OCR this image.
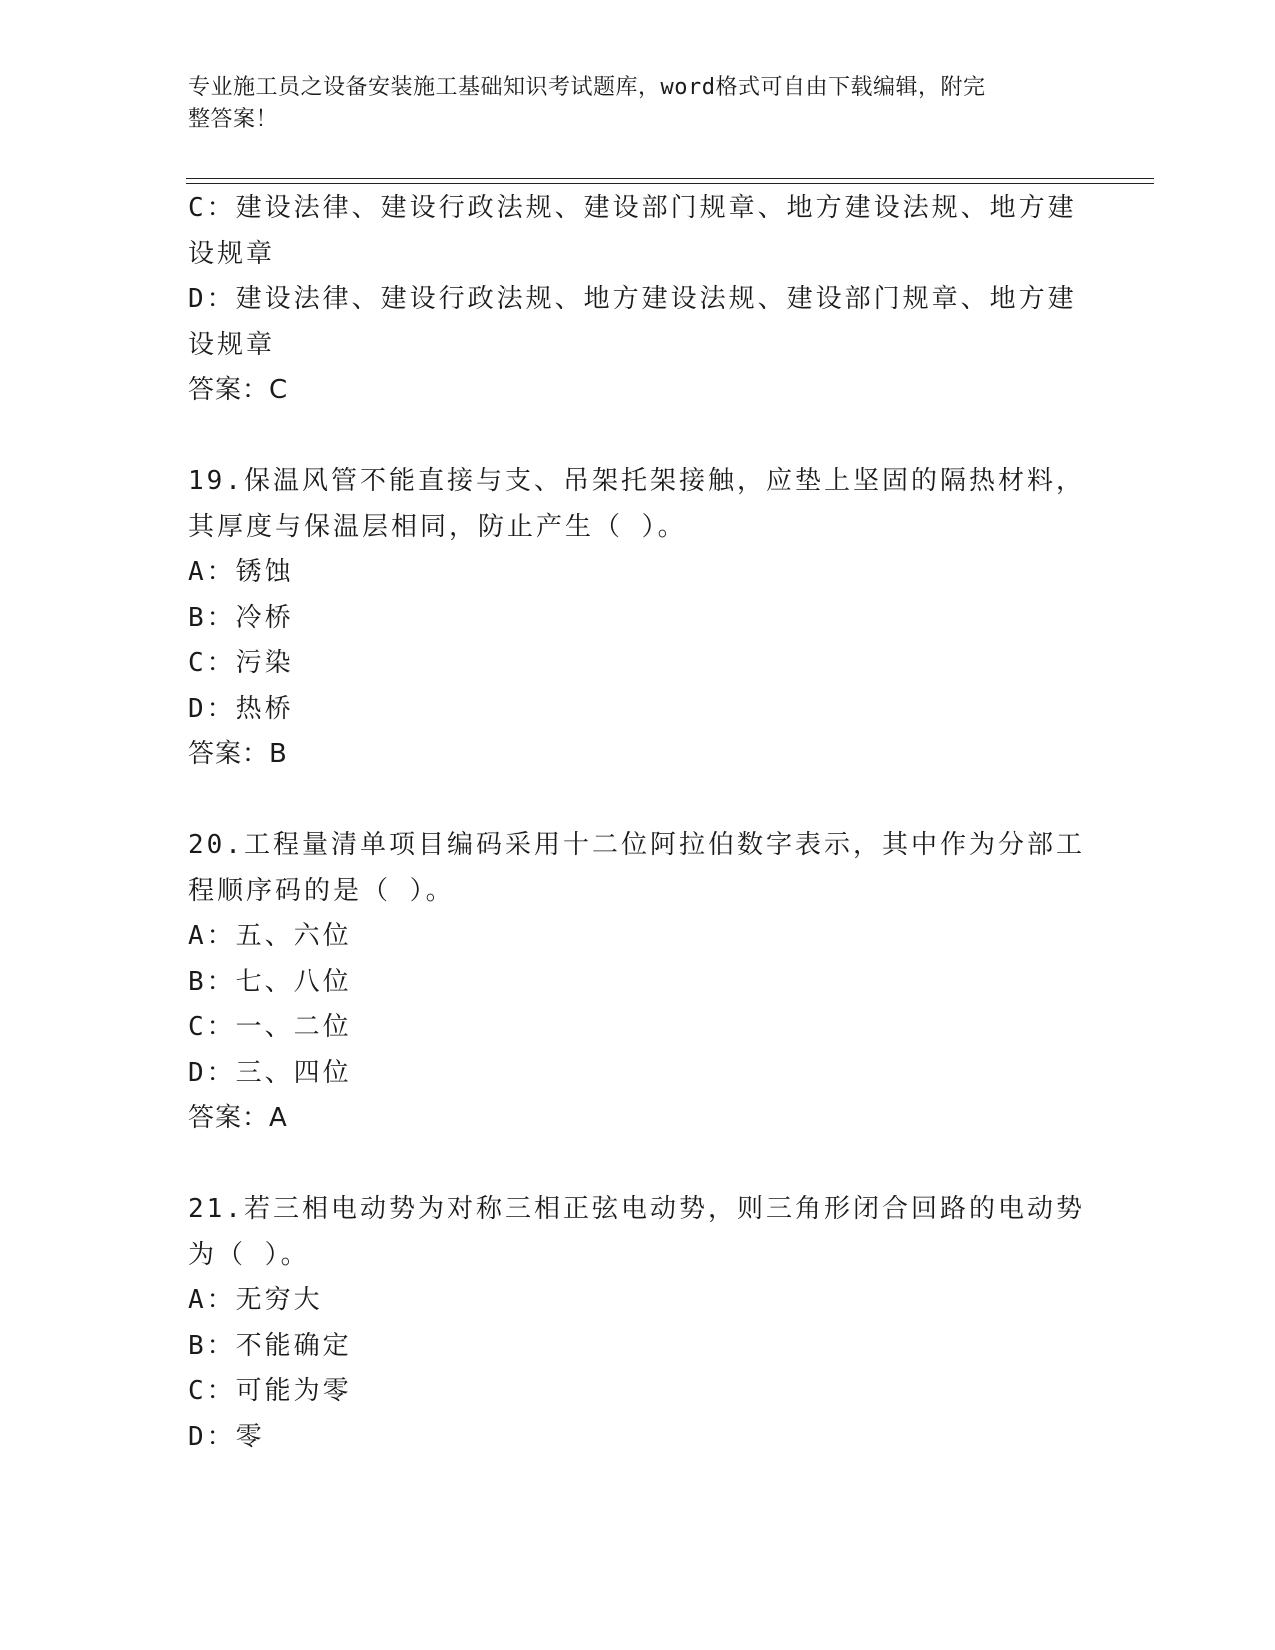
专业施工员之设备安装施工基础知识考试题库，word格式可自由下载编辑，附完
整答案！
C：建设法律、建设行政法规、建设部门规章、地方建设法规、地方建
设规章
D：建设法律、建设行政法规、地方建设法规、建设部门规章、地方建
设规章
答案：C
19.保温风管不能直接与支、吊架托架接触，应垫上坚固的隔热材料，
其厚度与保温层相同，防止产生（ ）。
A：锈蚀
B：冷桥
C：污染
D：热桥
答案：B
20.工程量清单项目编码采用十二位阿拉伯数字表示，其中作为分部工
程顺序码的是（ ）。
A：五、六位
B：七、八位
C：一、二位
D：三、四位
答案：A
21.若三相电动势为对称三相正弦电动势，则三角形闭合回路的电动势
为（ ）。
A：无穷大
B：不能确定
C：可能为零
D：零
